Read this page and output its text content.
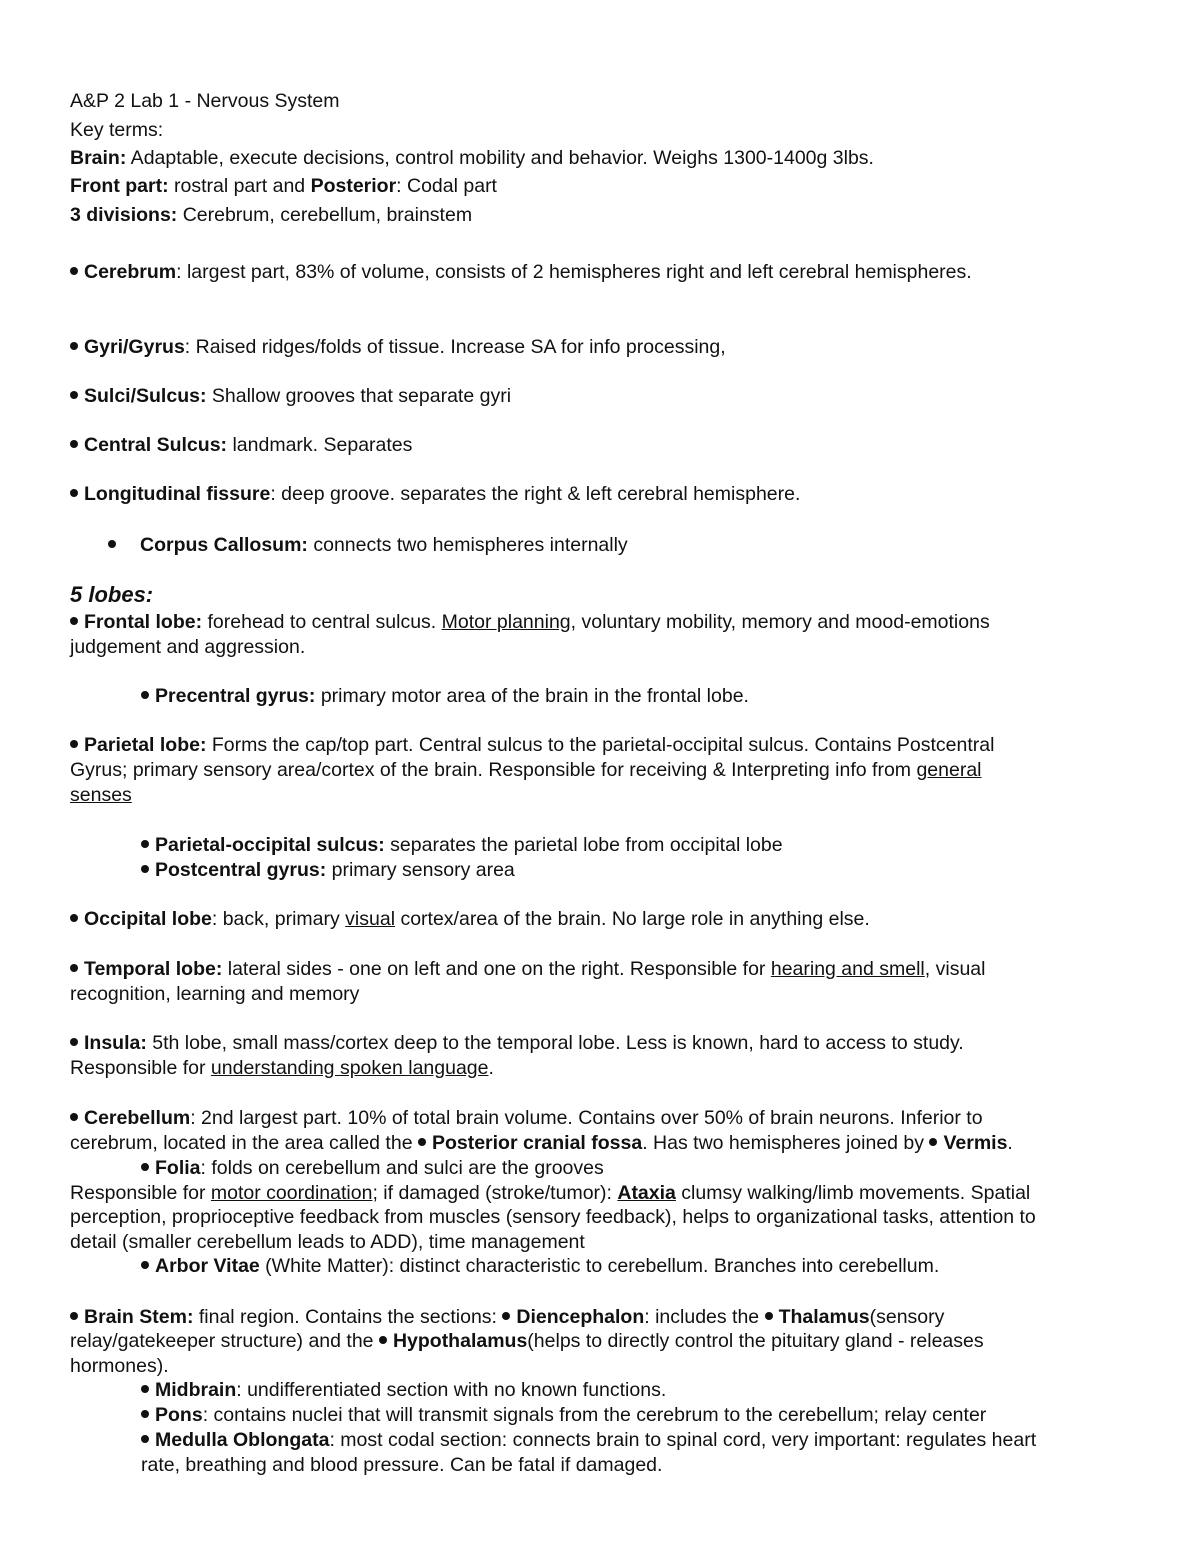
A&P 2 Lab 1 - Nervous System
Key terms:
Brain: Adaptable, execute decisions, control mobility and behavior. Weighs 1300-1400g 3lbs.
Front part: rostral part and Posterior: Codal part
3 divisions: Cerebrum, cerebellum, brainstem
Cerebrum: largest part, 83% of volume, consists of 2 hemispheres right and left cerebral hemispheres.
Gyri/Gyrus: Raised ridges/folds of tissue. Increase SA for info processing,
Sulci/Sulcus: Shallow grooves that separate gyri
Central Sulcus: landmark. Separates
Longitudinal fissure: deep groove. separates the right & left cerebral hemisphere.
Corpus Callosum: connects two hemispheres internally
5 lobes:
Frontal lobe: forehead to central sulcus. Motor planning, voluntary mobility, memory and mood-emotions
judgement and aggression.
Precentral gyrus: primary motor area of the brain in the frontal lobe.
Parietal lobe: Forms the cap/top part. Central sulcus to the parietal-occipital sulcus. Contains Postcentral
Gyrus; primary sensory area/cortex of the brain. Responsible for receiving & Interpreting info from general
senses
Parietal-occipital sulcus: separates the parietal lobe from occipital lobe
Postcentral gyrus: primary sensory area
Occipital lobe: back, primary visual cortex/area of the brain. No large role in anything else.
Temporal lobe: lateral sides - one on left and one on the right. Responsible for hearing and smell, visual
recognition, learning and memory
Insula: 5th lobe, small mass/cortex deep to the temporal lobe. Less is known, hard to access to study.
Responsible for understanding spoken language.
Cerebellum: 2nd largest part. 10% of total brain volume. Contains over 50% of brain neurons. Inferior to
cerebrum, located in the area called the Posterior cranial fossa. Has two hemispheres joined by Vermis.
Folia: folds on cerebellum and sulci are the grooves
Responsible for motor coordination; if damaged (stroke/tumor): Ataxia clumsy walking/limb movements. Spatial
perception, proprioceptive feedback from muscles (sensory feedback), helps to organizational tasks, attention to
detail (smaller cerebellum leads to ADD), time management
Arbor Vitae (White Matter): distinct characteristic to cerebellum. Branches into cerebellum.
Brain Stem: final region. Contains the sections: Diencephalon: includes the Thalamus(sensory
relay/gatekeeper structure) and the Hypothalamus(helps to directly control the pituitary gland - releases
hormones).
Midbrain: undifferentiated section with no known functions.
Pons: contains nuclei that will transmit signals from the cerebrum to the cerebellum; relay center
Medulla Oblongata: most codal section: connects brain to spinal cord, very important: regulates heart
rate, breathing and blood pressure. Can be fatal if damaged.
